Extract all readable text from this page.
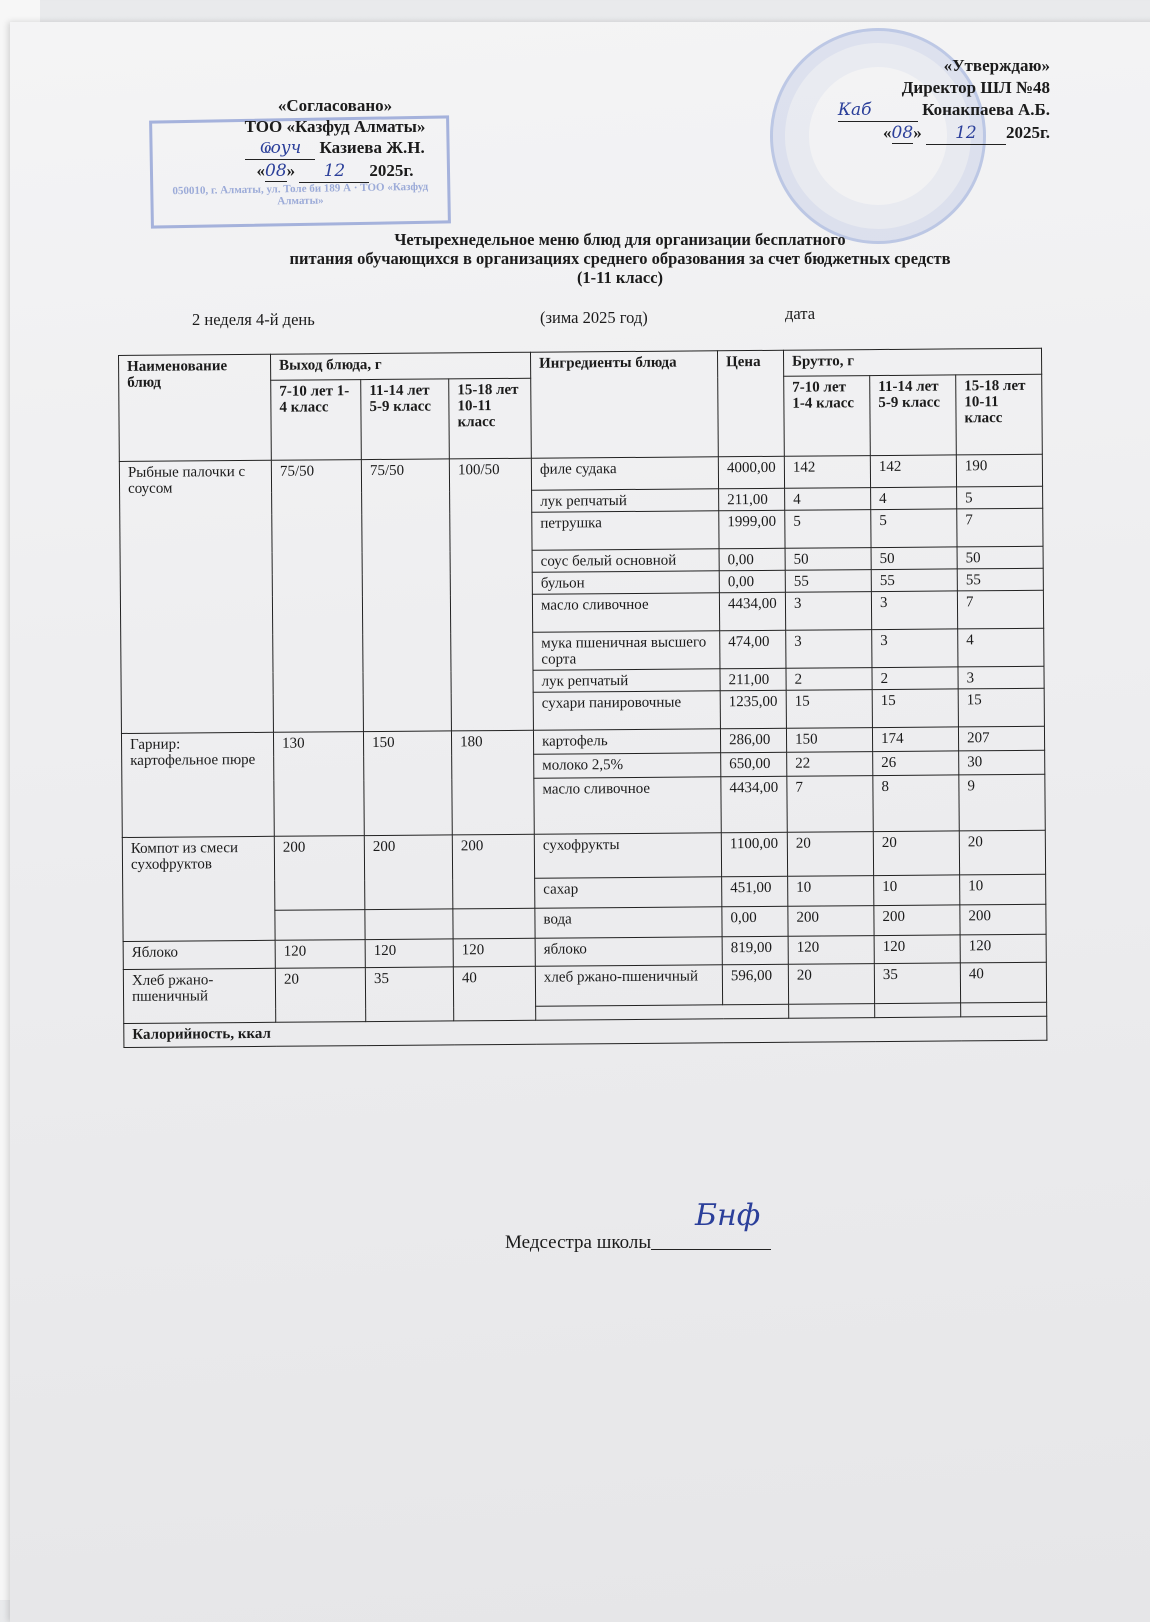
050010, г. Алматы, ул. Толе би 189 А · ТОО «Казфуд Алматы»
«Согласовано»
ТОО «Казфуд Алматы»
Ҩоуч Казиева Ж.Н.
«08» 12 2025г.
«Утверждаю»
Директор ШЛ №48
Каб	Конакпаева А.Б.
«08» 12 2025г.
Четырехнедельное меню блюд для организации бесплатного
питания обучающихся в организациях среднего образования за счет бюджетных средств
(1-11 класс)
2 неделя 4-й день	(зима 2025 год)	дата
Наименование блюд	Выход блюда, г			Ингредиенты блюда	Цена	Брутто, г		
	7-10 лет 1-4 класс	11-14 лет 5-9 класс	15-18 лет 10-11 класс			7-10 лет 1-4 класс	11-14 лет 5-9 класс	15-18 лет 10-11 класс
Рыбные палочки с соусом	75/50	75/50	100/50	филе судака	4000,00	142	142	190
				лук репчатый	211,00	4	4	5
				петрушка	1999,00	5	5	7
				соус белый основной	0,00	50	50	50
				бульон	0,00	55	55	55
				масло сливочное	4434,00	3	3	7
				мука пшеничная высшего сорта	474,00	3	3	4
				лук репчатый	211,00	2	2	3
				сухари панировочные	1235,00	15	15	15
Гарнир: картофельное пюре	130	150	180	картофель	286,00	150	174	207
				молоко 2,5%	650,00	22	26	30
				масло сливочное	4434,00	7	8	9
Компот из смеси сухофруктов	200	200	200	сухофрукты	1100,00	20	20	20
				сахар	451,00	10	10	10
				вода	0,00	200	200	200
Яблоко	120	120	120	яблоко	819,00	120	120	120
Хлеб ржано-пшеничный	20	35	40	хлеб ржано-пшеничный	596,00	20	35	40

Калорийность, ккал								
Медсестра школы
Бнф
